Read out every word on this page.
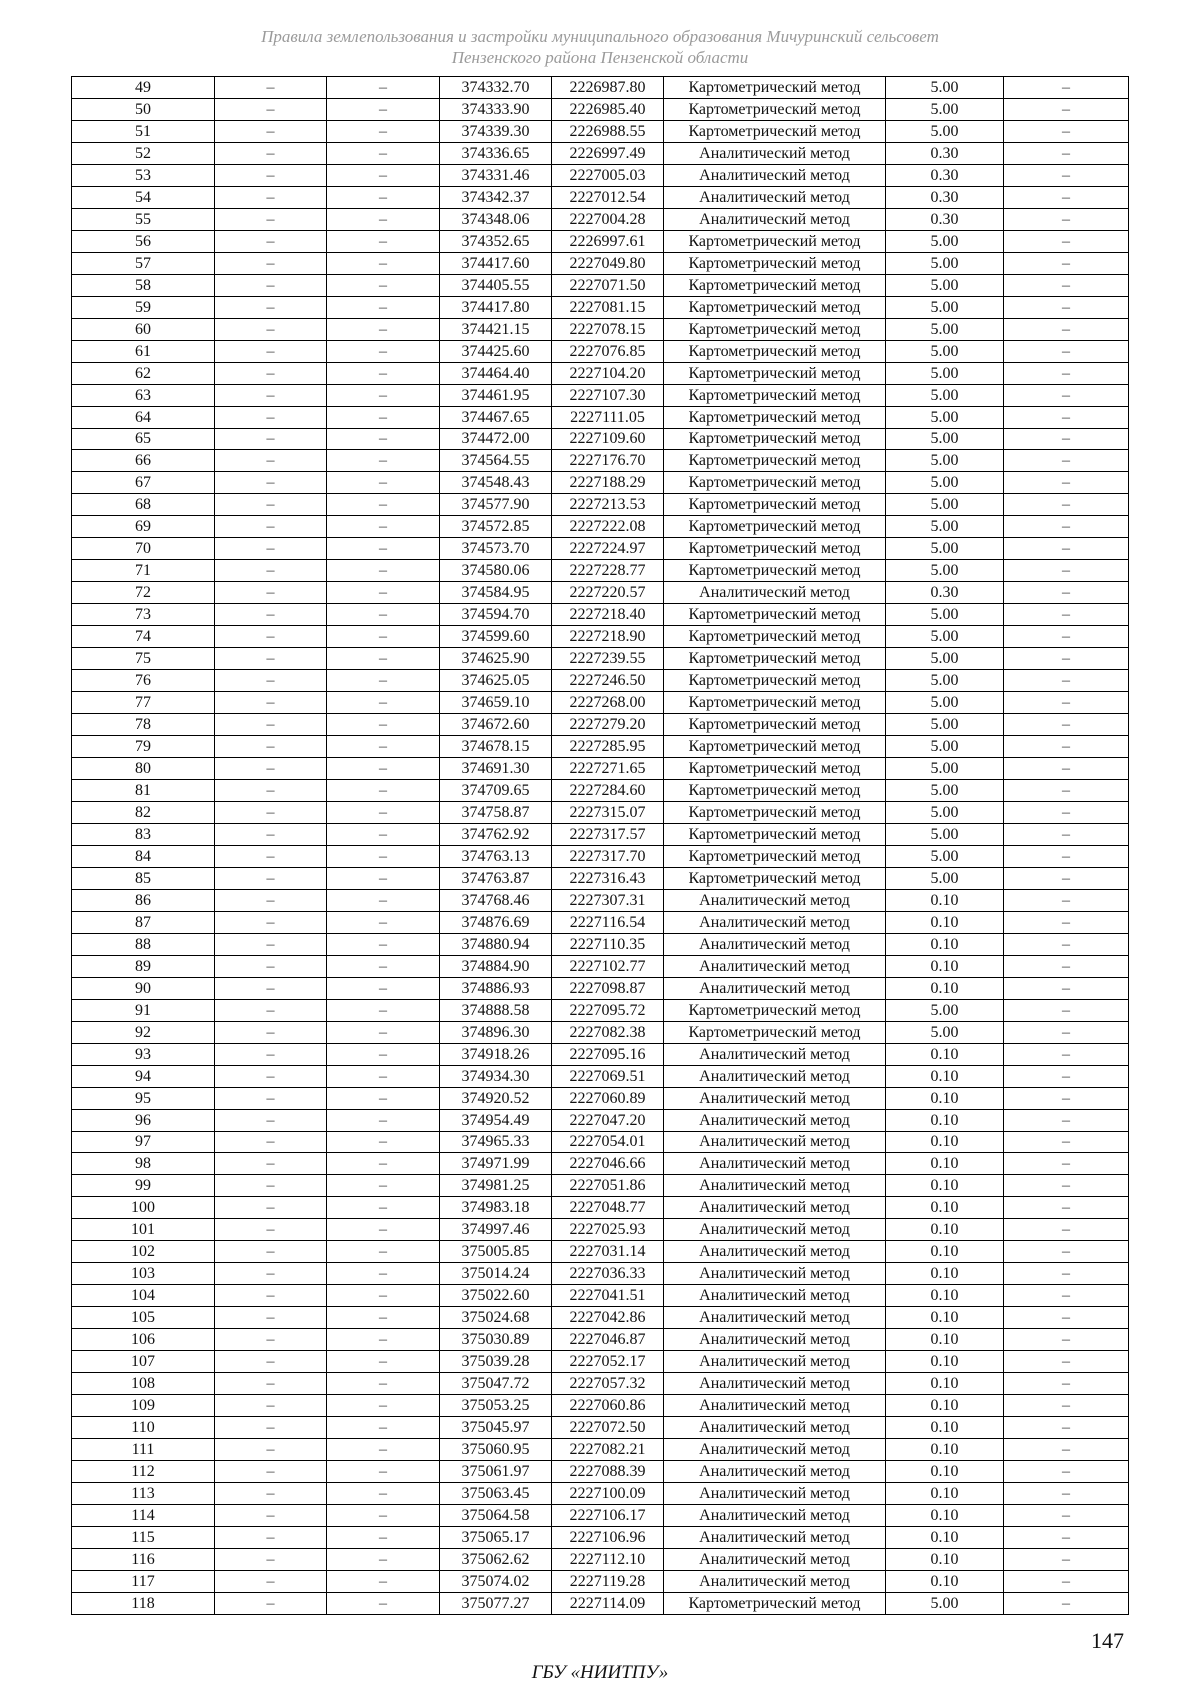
Правила землепользования и застройки муниципального образования Мичуринский сельсовет
Пензенского района Пензенской области
49	–	–	374332.70	2226987.80	Картометрический метод	5.00	–
50	–	–	374333.90	2226985.40	Картометрический метод	5.00	–
51	–	–	374339.30	2226988.55	Картометрический метод	5.00	–
52	–	–	374336.65	2226997.49	Аналитический метод	0.30	–
53	–	–	374331.46	2227005.03	Аналитический метод	0.30	–
54	–	–	374342.37	2227012.54	Аналитический метод	0.30	–
55	–	–	374348.06	2227004.28	Аналитический метод	0.30	–
56	–	–	374352.65	2226997.61	Картометрический метод	5.00	–
57	–	–	374417.60	2227049.80	Картометрический метод	5.00	–
58	–	–	374405.55	2227071.50	Картометрический метод	5.00	–
59	–	–	374417.80	2227081.15	Картометрический метод	5.00	–
60	–	–	374421.15	2227078.15	Картометрический метод	5.00	–
61	–	–	374425.60	2227076.85	Картометрический метод	5.00	–
62	–	–	374464.40	2227104.20	Картометрический метод	5.00	–
63	–	–	374461.95	2227107.30	Картометрический метод	5.00	–
64	–	–	374467.65	2227111.05	Картометрический метод	5.00	–
65	–	–	374472.00	2227109.60	Картометрический метод	5.00	–
66	–	–	374564.55	2227176.70	Картометрический метод	5.00	–
67	–	–	374548.43	2227188.29	Картометрический метод	5.00	–
68	–	–	374577.90	2227213.53	Картометрический метод	5.00	–
69	–	–	374572.85	2227222.08	Картометрический метод	5.00	–
70	–	–	374573.70	2227224.97	Картометрический метод	5.00	–
71	–	–	374580.06	2227228.77	Картометрический метод	5.00	–
72	–	–	374584.95	2227220.57	Аналитический метод	0.30	–
73	–	–	374594.70	2227218.40	Картометрический метод	5.00	–
74	–	–	374599.60	2227218.90	Картометрический метод	5.00	–
75	–	–	374625.90	2227239.55	Картометрический метод	5.00	–
76	–	–	374625.05	2227246.50	Картометрический метод	5.00	–
77	–	–	374659.10	2227268.00	Картометрический метод	5.00	–
78	–	–	374672.60	2227279.20	Картометрический метод	5.00	–
79	–	–	374678.15	2227285.95	Картометрический метод	5.00	–
80	–	–	374691.30	2227271.65	Картометрический метод	5.00	–
81	–	–	374709.65	2227284.60	Картометрический метод	5.00	–
82	–	–	374758.87	2227315.07	Картометрический метод	5.00	–
83	–	–	374762.92	2227317.57	Картометрический метод	5.00	–
84	–	–	374763.13	2227317.70	Картометрический метод	5.00	–
85	–	–	374763.87	2227316.43	Картометрический метод	5.00	–
86	–	–	374768.46	2227307.31	Аналитический метод	0.10	–
87	–	–	374876.69	2227116.54	Аналитический метод	0.10	–
88	–	–	374880.94	2227110.35	Аналитический метод	0.10	–
89	–	–	374884.90	2227102.77	Аналитический метод	0.10	–
90	–	–	374886.93	2227098.87	Аналитический метод	0.10	–
91	–	–	374888.58	2227095.72	Картометрический метод	5.00	–
92	–	–	374896.30	2227082.38	Картометрический метод	5.00	–
93	–	–	374918.26	2227095.16	Аналитический метод	0.10	–
94	–	–	374934.30	2227069.51	Аналитический метод	0.10	–
95	–	–	374920.52	2227060.89	Аналитический метод	0.10	–
96	–	–	374954.49	2227047.20	Аналитический метод	0.10	–
97	–	–	374965.33	2227054.01	Аналитический метод	0.10	–
98	–	–	374971.99	2227046.66	Аналитический метод	0.10	–
99	–	–	374981.25	2227051.86	Аналитический метод	0.10	–
100	–	–	374983.18	2227048.77	Аналитический метод	0.10	–
101	–	–	374997.46	2227025.93	Аналитический метод	0.10	–
102	–	–	375005.85	2227031.14	Аналитический метод	0.10	–
103	–	–	375014.24	2227036.33	Аналитический метод	0.10	–
104	–	–	375022.60	2227041.51	Аналитический метод	0.10	–
105	–	–	375024.68	2227042.86	Аналитический метод	0.10	–
106	–	–	375030.89	2227046.87	Аналитический метод	0.10	–
107	–	–	375039.28	2227052.17	Аналитический метод	0.10	–
108	–	–	375047.72	2227057.32	Аналитический метод	0.10	–
109	–	–	375053.25	2227060.86	Аналитический метод	0.10	–
110	–	–	375045.97	2227072.50	Аналитический метод	0.10	–
111	–	–	375060.95	2227082.21	Аналитический метод	0.10	–
112	–	–	375061.97	2227088.39	Аналитический метод	0.10	–
113	–	–	375063.45	2227100.09	Аналитический метод	0.10	–
114	–	–	375064.58	2227106.17	Аналитический метод	0.10	–
115	–	–	375065.17	2227106.96	Аналитический метод	0.10	–
116	–	–	375062.62	2227112.10	Аналитический метод	0.10	–
117	–	–	375074.02	2227119.28	Аналитический метод	0.10	–
118	–	–	375077.27	2227114.09	Картометрический метод	5.00	–
147
ГБУ «НИИТПУ»
